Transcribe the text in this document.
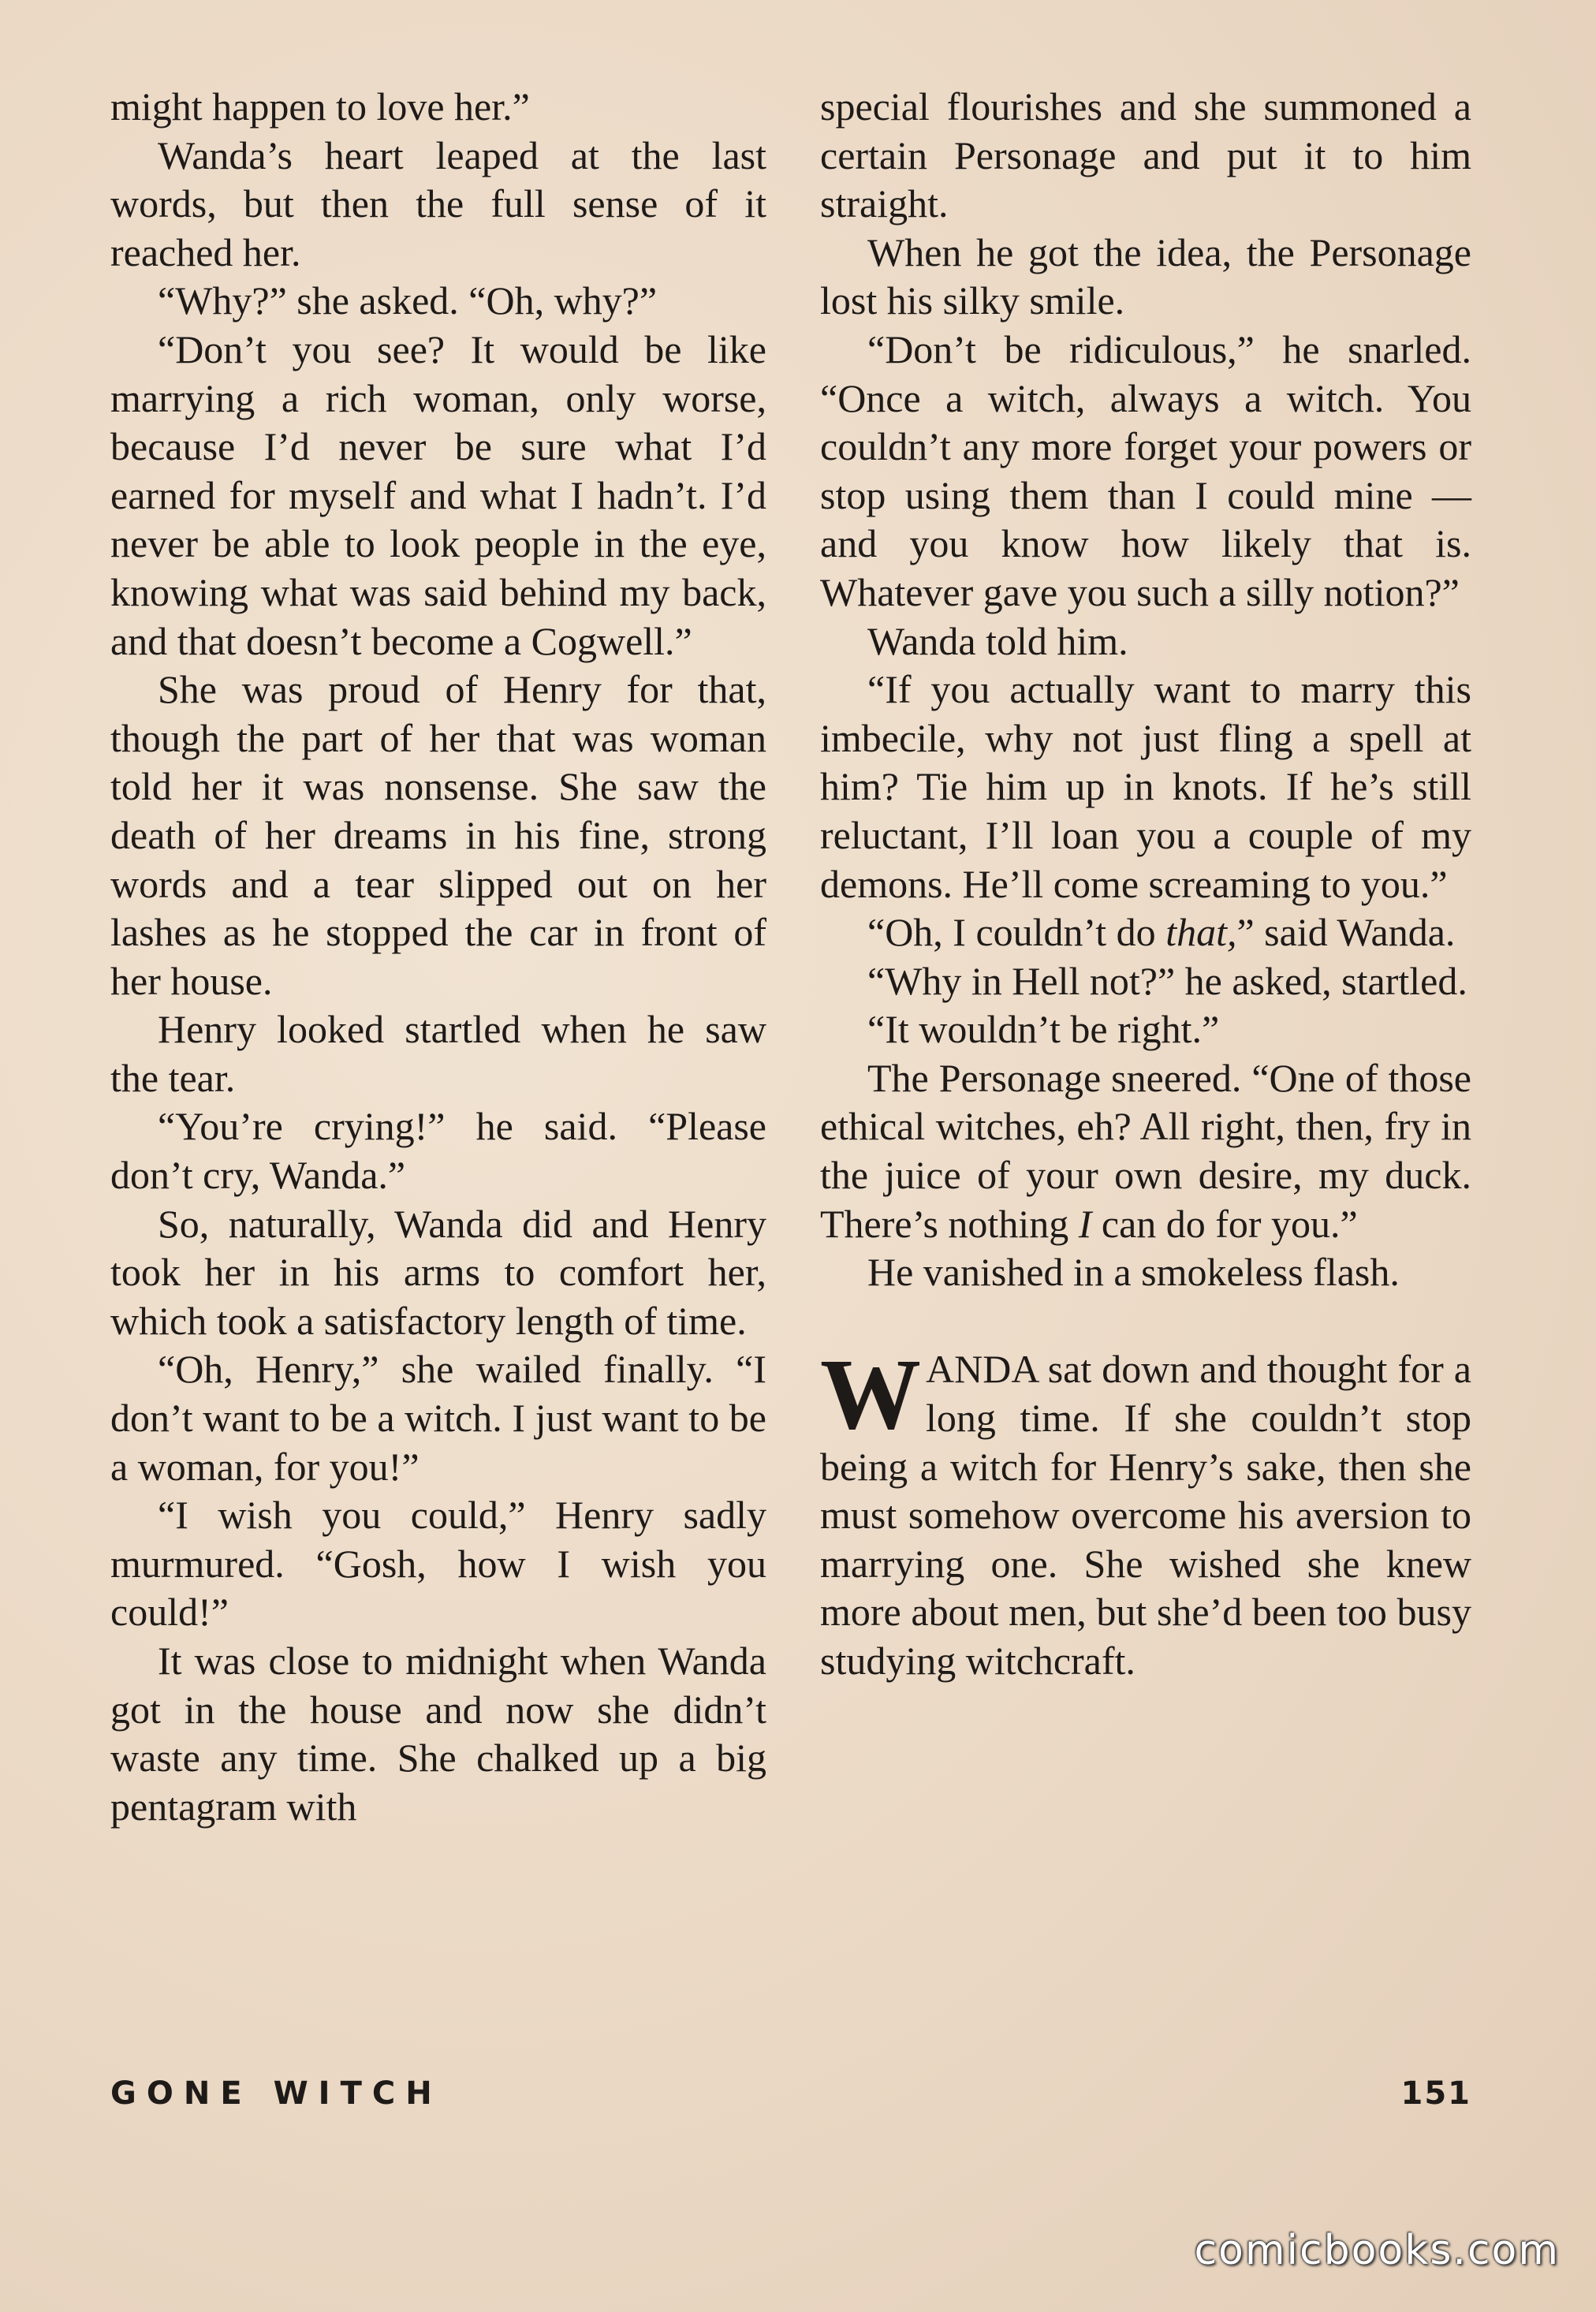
might happen to love her.”

Wanda’s heart leaped at the last words, but then the full sense of it reached her.

“Why?” she asked. “Oh, why?”

“Don’t you see? It would be like marrying a rich woman, only worse, because I’d never be sure what I’d earned for myself and what I hadn’t. I’d never be able to look people in the eye, knowing what was said behind my back, and that doesn’t become a Cogwell.”

She was proud of Henry for that, though the part of her that was woman told her it was nonsense. She saw the death of her dreams in his fine, strong words and a tear slipped out on her lashes as he stopped the car in front of her house.

Henry looked startled when he saw the tear.

“You’re crying!” he said. “Please don’t cry, Wanda.”

So, naturally, Wanda did and Henry took her in his arms to comfort her, which took a satisfactory length of time.

“Oh, Henry,” she wailed finally. “I don’t want to be a witch. I just want to be a woman, for you!”

“I wish you could,” Henry sadly murmured. “Gosh, how I wish you could!”

It was close to midnight when Wanda got in the house and now she didn’t waste any time. She chalked up a big pentagram with

special flourishes and she summoned a certain Personage and put it to him straight.

When he got the idea, the Personage lost his silky smile.

“Don’t be ridiculous,” he snarled. “Once a witch, always a witch. You couldn’t any more forget your powers or stop using them than I could mine — and you know how likely that is. Whatever gave you such a silly notion?”

Wanda told him.

“If you actually want to marry this imbecile, why not just fling a spell at him? Tie him up in knots. If he’s still reluctant, I’ll loan you a couple of my demons. He’ll come screaming to you.”

“Oh, I couldn’t do that,” said Wanda.

“Why in Hell not?” he asked, startled.

“It wouldn’t be right.”

The Personage sneered. “One of those ethical witches, eh? All right, then, fry in the juice of your own desire, my duck. There’s nothing I can do for you.”

He vanished in a smokeless flash.

WANDA sat down and thought for a long time. If she couldn’t stop being a witch for Henry’s sake, then she must somehow overcome his aversion to marrying one. She wished she knew more about men, but she’d been too busy studying witchcraft.

GONE WITCH	151
comicbooks.com
